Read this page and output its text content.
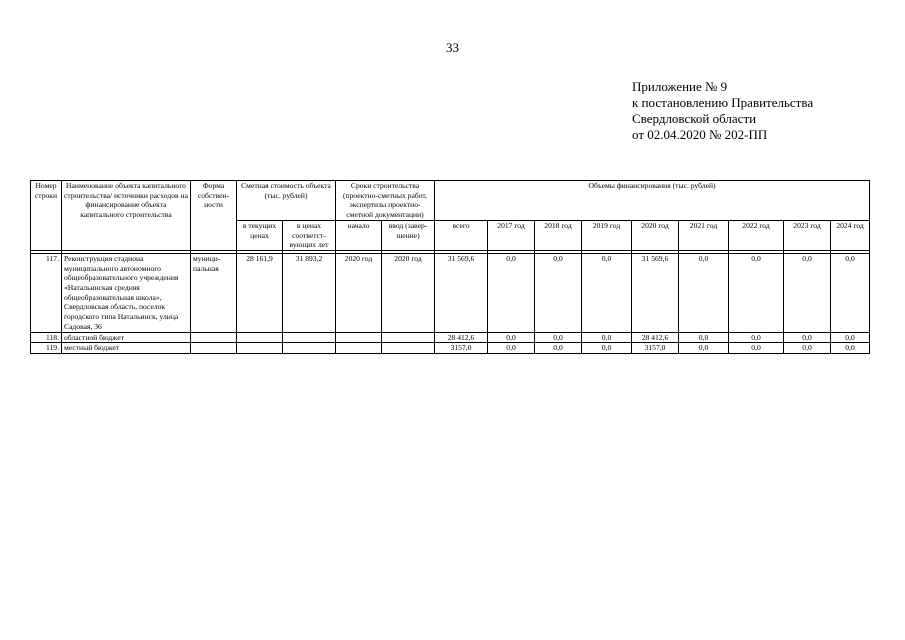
33
Приложение № 9
к постановлению Правительства
Свердловской области
от 02.04.2020 № 202-ПП
Номер строки	Наименование объекта капитального строительства/ источники расходов на финансирование объекта капитального строительства	Форма собствен-ности	Сметная стоимость объекта (тыс. рублей)		Сроки строительства (проектно-сметных работ, экспертизы проектно-сметной документации)		Объемы финансирования (тыс. рублей)								
			в текущих ценах	в ценах соответст-вующих лет	начало	ввод (завер-шение)	всего	2017 год	2018 год	2019 год	2020 год	2021 год	2022 год	2023 год	2024 год

117.	Реконструкция стадиона муниципального автономного общеобразовательного учреждения «Натальинская средняя общеобразовательная школа», Свердловская область, поселок городского типа Натальинск, улица Садовая, 36	муници-пальная	28 161,9	31 893,2	2020 год	2020 год	31 569,6	0,0	0,0	0,0	31 569,6	0,0	0,0	0,0	0,0
118.	областной бюджет						28 412,6	0,0	0,0	0,0	28 412,6	0,0	0,0	0,0	0,0
119.	местный бюджет						3157,0	0,0	0,0	0,0	3157,0	0,0	0,0	0,0	0,0
